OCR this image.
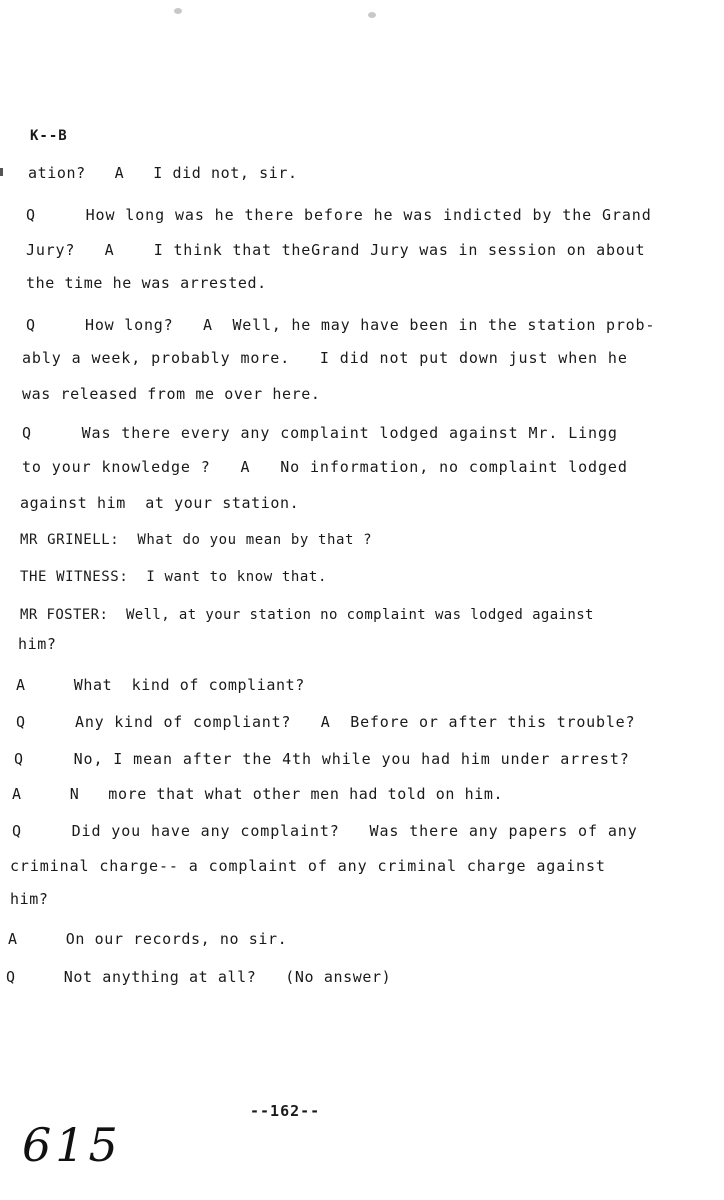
K--B
ation?   A   I did not, sir.
Q     How long was he there before he was indicted by the Grand
Jury?   A    I think that theGrand Jury was in session on about
the time he was arrested.
Q     How long?   A  Well, he may have been in the station prob-
ably a week, probably more.   I did not put down just when he
was released from me over here.
Q     Was there every any complaint lodged against Mr. Lingg
to your knowledge ?   A   No information, no complaint lodged
against him  at your station.
MR GRINELL:  What do you mean by that ?
THE WITNESS:  I want to know that.
MR FOSTER:  Well, at your station no complaint was lodged against
him?
A     What  kind of compliant?
Q     Any kind of compliant?   A  Before or after this trouble?
Q     No, I mean after the 4th while you had him under arrest?
A     N   more that what other men had told on him.
Q     Did you have any complaint?   Was there any papers of any
criminal charge-- a complaint of any criminal charge against
him?
A     On our records, no sir.
Q     Not anything at all?   (No answer)
--162--
615
